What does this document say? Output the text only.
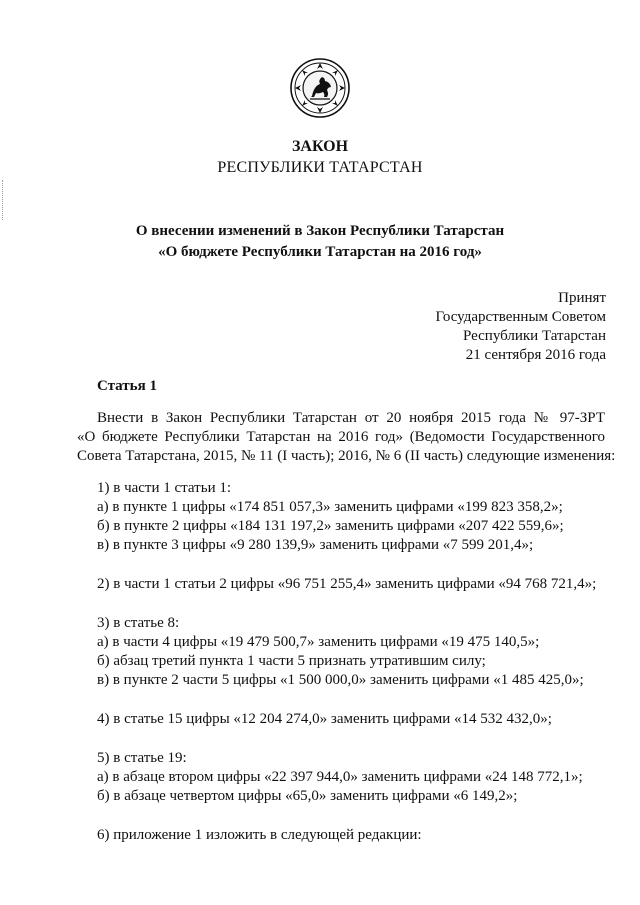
ЗАКОН
РЕСПУБЛИКИ ТАТАРСТАН
О внесении изменений в Закон Республики Татарстан
«О бюджете Республики Татарстан на 2016 год»
Принят
Государственным Советом
Республики Татарстан
21 сентября 2016 года
Статья 1
Внести в Закон Республики Татарстан от 20 ноября 2015 года № 97-ЗРТ
«О бюджете Республики Татарстан на 2016 год» (Ведомости Государственного
Совета Татарстана, 2015, № 11 (I часть); 2016, № 6 (II часть) следующие изменения:
1) в части 1 статьи 1:
а) в пункте 1 цифры «174 851 057,3» заменить цифрами «199 823 358,2»;
б) в пункте 2 цифры «184 131 197,2» заменить цифрами «207 422 559,6»;
в) в пункте 3 цифры «9 280 139,9» заменить цифрами «7 599 201,4»;
2) в части 1 статьи 2 цифры «96 751 255,4» заменить цифрами «94 768 721,4»;
3) в статье 8:
а) в части 4 цифры «19 479 500,7» заменить цифрами «19 475 140,5»;
б) абзац третий пункта 1 части 5 признать утратившим силу;
в) в пункте 2 части 5 цифры «1 500 000,0» заменить цифрами «1 485 425,0»;
4) в статье 15 цифры «12 204 274,0» заменить цифрами «14 532 432,0»;
5) в статье 19:
а) в абзаце втором цифры «22 397 944,0» заменить цифрами «24 148 772,1»;
б) в абзаце четвертом цифры «65,0» заменить цифрами «6 149,2»;
6) приложение 1 изложить в следующей редакции:
